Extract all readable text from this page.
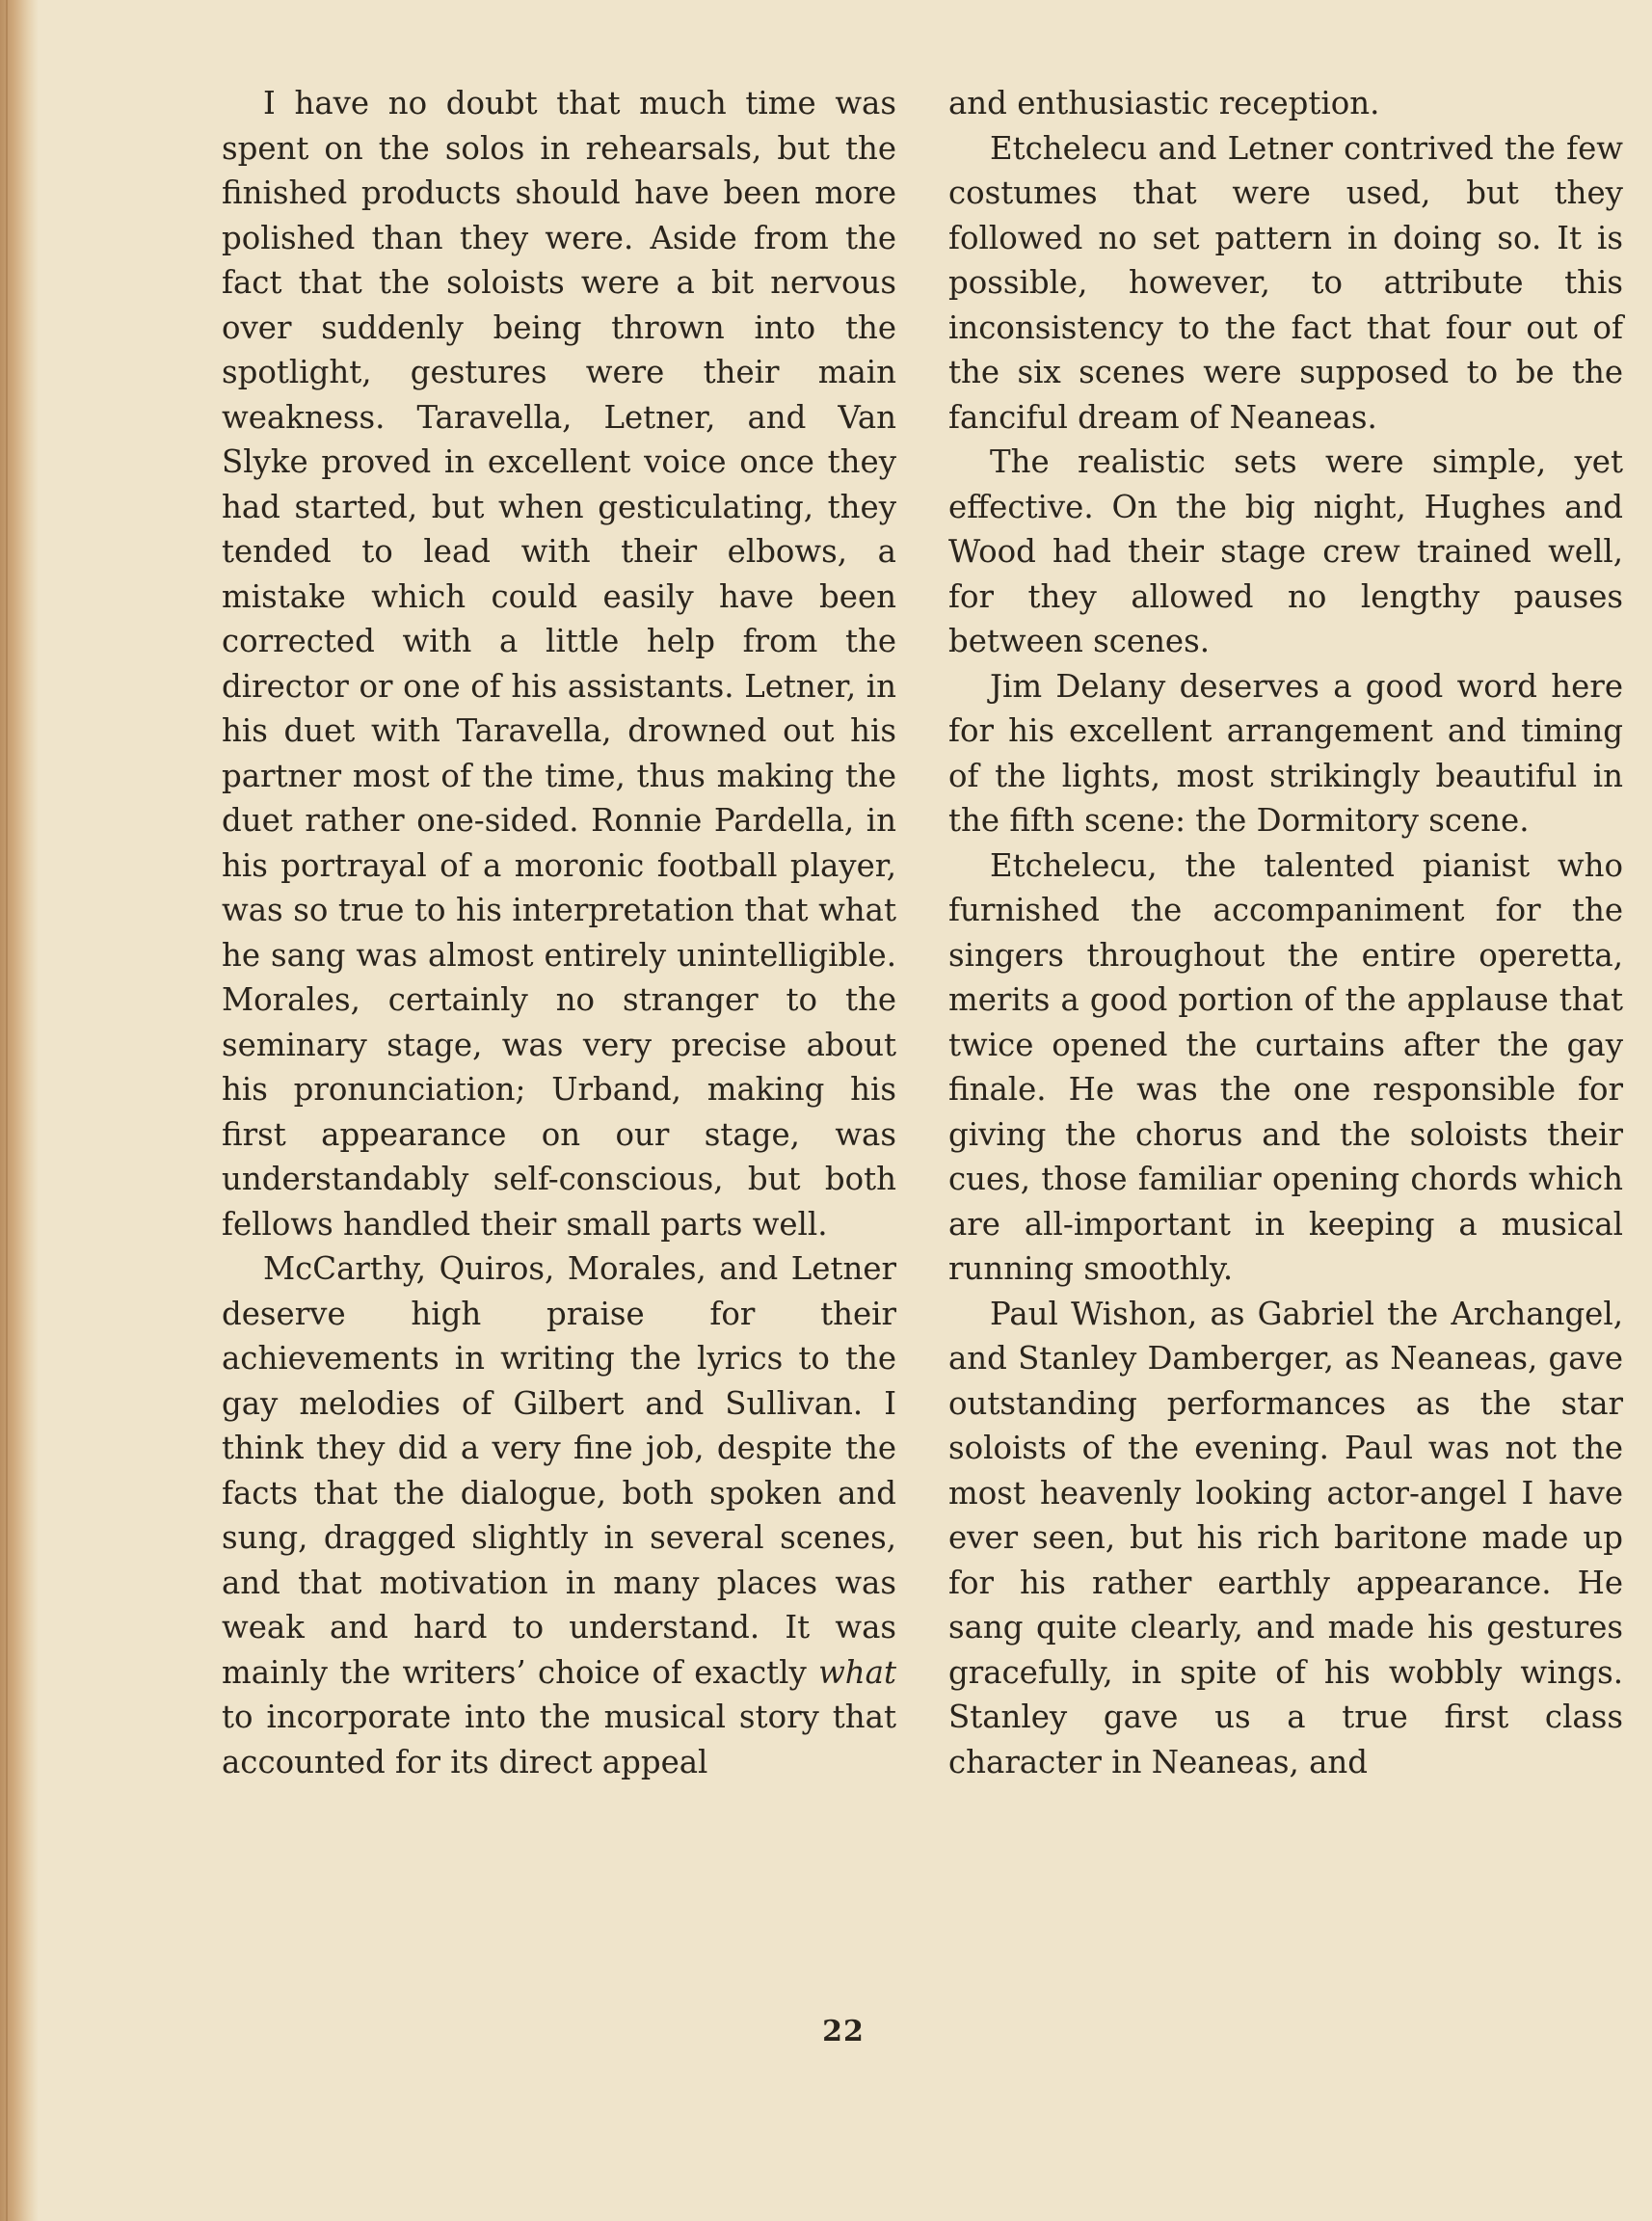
I have no doubt that much time was spent on the solos in rehearsals, but the finished products should have been more polished than they were. Aside from the fact that the soloists were a bit nervous over suddenly being thrown into the spotlight, gestures were their main weakness. Taravella, Letner, and Van Slyke proved in excellent voice once they had started, but when gesticulating, they tended to lead with their elbows, a mistake which could easily have been corrected with a little help from the director or one of his assistants. Letner, in his duet with Taravella, drowned out his partner most of the time, thus making the duet rather one-sided. Ronnie Pardella, in his portrayal of a moronic football player, was so true to his interpretation that what he sang was almost entirely unintelligible. Morales, certainly no stranger to the seminary stage, was very precise about his pronunciation; Urband, making his first appearance on our stage, was understandably self-conscious, but both fellows handled their small parts well.

McCarthy, Quiros, Morales, and Letner deserve high praise for their achievements in writing the lyrics to the gay melodies of Gilbert and Sullivan. I think they did a very fine job, despite the facts that the dialogue, both spoken and sung, dragged slightly in several scenes, and that motivation in many places was weak and hard to understand. It was mainly the writers’ choice of exactly what to incorporate into the musical story that accounted for its direct appeal

and enthusiastic reception.

Etchelecu and Letner contrived the few costumes that were used, but they followed no set pattern in doing so. It is possible, however, to attribute this inconsistency to the fact that four out of the six scenes were supposed to be the fanciful dream of Neaneas.

The realistic sets were simple, yet effective. On the big night, Hughes and Wood had their stage crew trained well, for they allowed no lengthy pauses between scenes.

Jim Delany deserves a good word here for his excellent arrangement and timing of the lights, most strikingly beautiful in the fifth scene: the Dormitory scene.

Etchelecu, the talented pianist who furnished the accompaniment for the singers throughout the entire operetta, merits a good portion of the applause that twice opened the curtains after the gay finale. He was the one responsible for giving the chorus and the soloists their cues, those familiar opening chords which are all-important in keeping a musical running smoothly.

Paul Wishon, as Gabriel the Archangel, and Stanley Damberger, as Neaneas, gave outstanding performances as the star soloists of the evening. Paul was not the most heavenly looking actor-angel I have ever seen, but his rich baritone made up for his rather earthly appearance. He sang quite clearly, and made his gestures gracefully, in spite of his wobbly wings. Stanley gave us a true first class character in Neaneas, and

22
